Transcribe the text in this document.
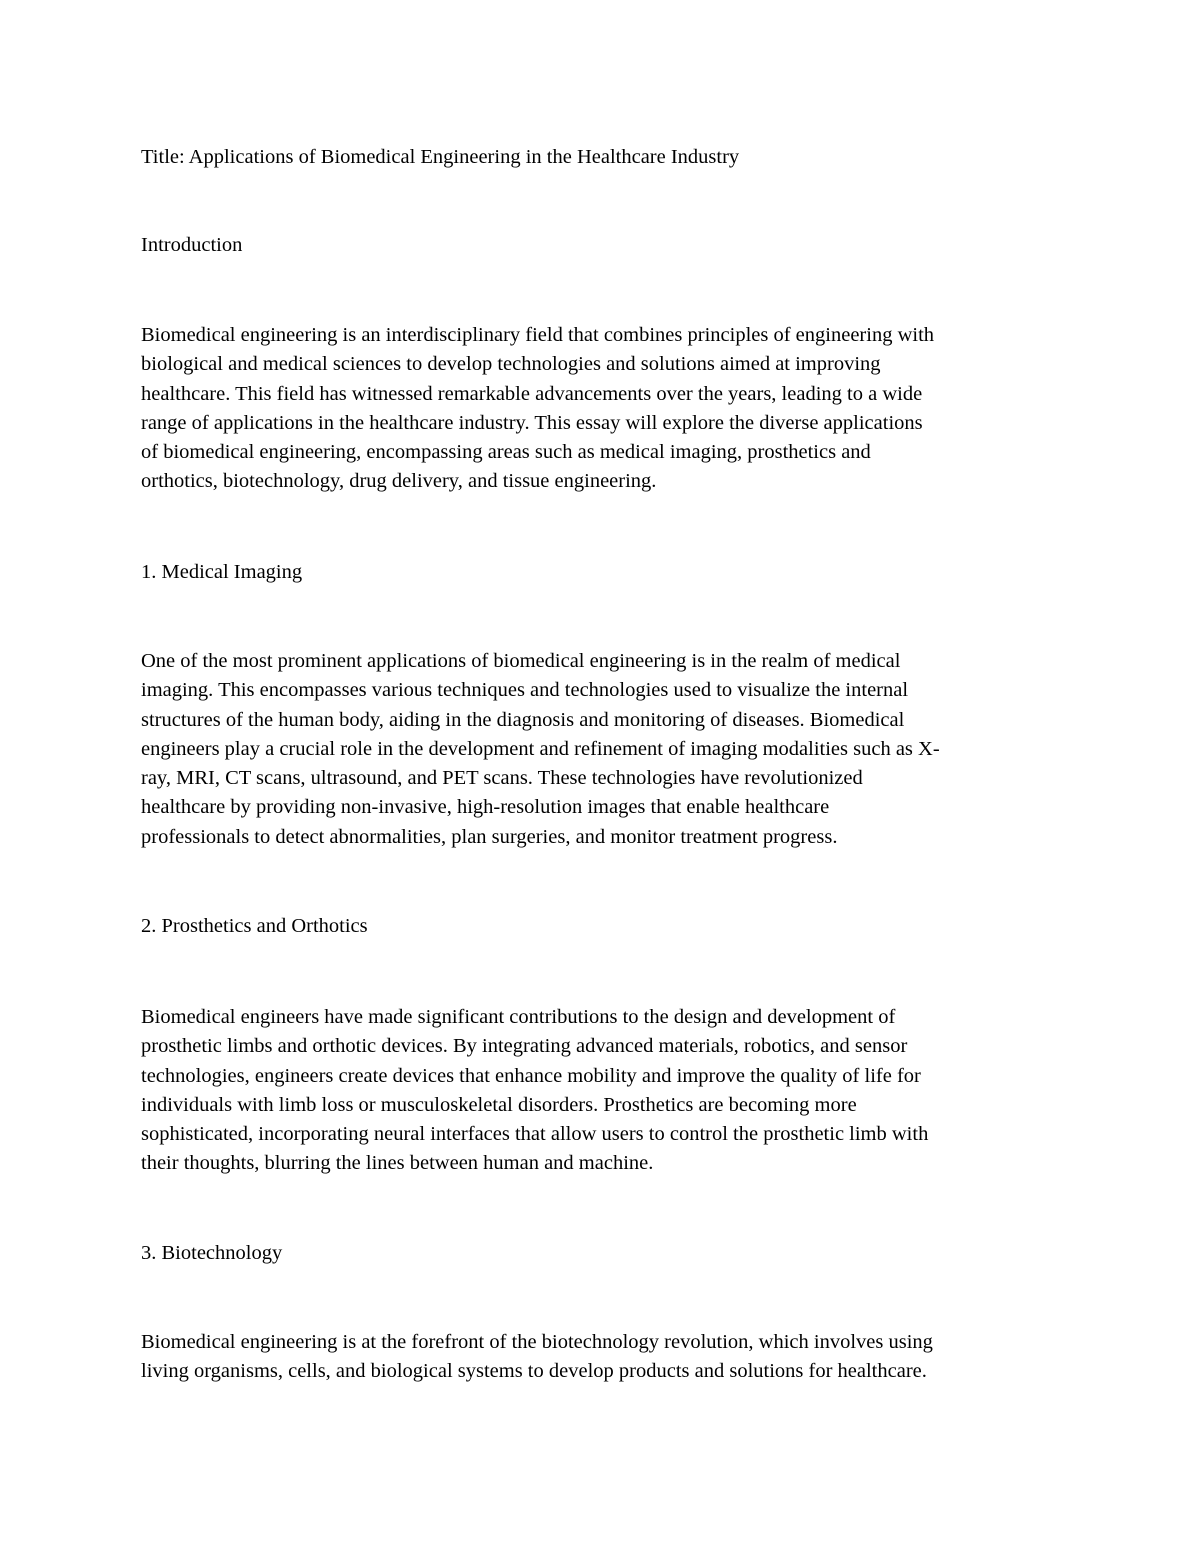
Title: Applications of Biomedical Engineering in the Healthcare Industry
Introduction
Biomedical engineering is an interdisciplinary field that combines principles of engineering with
biological and medical sciences to develop technologies and solutions aimed at improving
healthcare. This field has witnessed remarkable advancements over the years, leading to a wide
range of applications in the healthcare industry. This essay will explore the diverse applications
of biomedical engineering, encompassing areas such as medical imaging, prosthetics and
orthotics, biotechnology, drug delivery, and tissue engineering.
1. Medical Imaging
One of the most prominent applications of biomedical engineering is in the realm of medical
imaging. This encompasses various techniques and technologies used to visualize the internal
structures of the human body, aiding in the diagnosis and monitoring of diseases. Biomedical
engineers play a crucial role in the development and refinement of imaging modalities such as X-
ray, MRI, CT scans, ultrasound, and PET scans. These technologies have revolutionized
healthcare by providing non-invasive, high-resolution images that enable healthcare
professionals to detect abnormalities, plan surgeries, and monitor treatment progress.
2. Prosthetics and Orthotics
Biomedical engineers have made significant contributions to the design and development of
prosthetic limbs and orthotic devices. By integrating advanced materials, robotics, and sensor
technologies, engineers create devices that enhance mobility and improve the quality of life for
individuals with limb loss or musculoskeletal disorders. Prosthetics are becoming more
sophisticated, incorporating neural interfaces that allow users to control the prosthetic limb with
their thoughts, blurring the lines between human and machine.
3. Biotechnology
Biomedical engineering is at the forefront of the biotechnology revolution, which involves using
living organisms, cells, and biological systems to develop products and solutions for healthcare.
